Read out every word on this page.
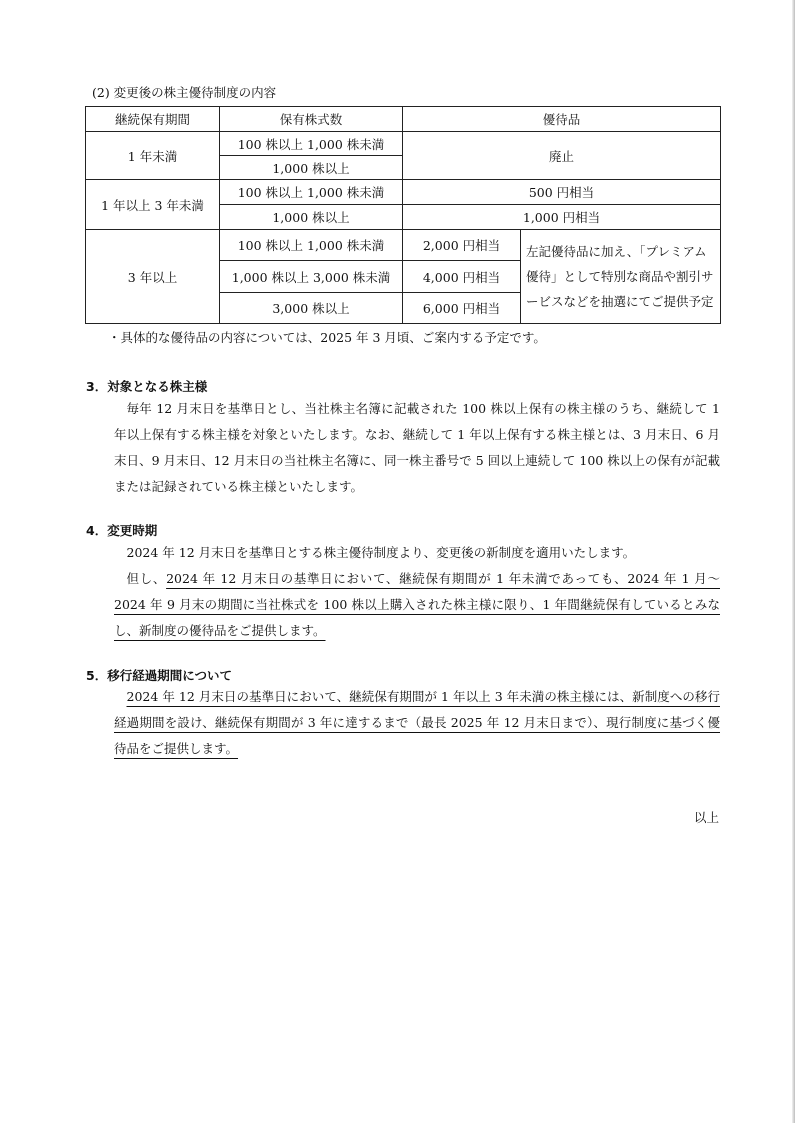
(2) 変更後の株主優待制度の内容
継続保有期間	保有株式数	優待品	
1 年未満	100 株以上 1,000 株未満	廃止	
	1,000 株以上		
1 年以上 3 年未満	100 株以上 1,000 株未満	500 円相当	
	1,000 株以上	1,000 円相当	
3 年以上	100 株以上 1,000 株未満	2,000 円相当	左記優待品に加え、「プレミアム優待」として特別な商品や割引サービスなどを抽選にてご提供予定
	1,000 株以上 3,000 株未満	4,000 円相当	
	3,000 株以上	6,000 円相当	
・具体的な優待品の内容については、2025 年 3 月頃、ご案内する予定です。
3．対象となる株主様
毎年 12 月末日を基準日とし、当社株主名簿に記載された 100 株以上保有の株主様のうち、継続して 1 年以上保有する株主様を対象といたします。なお、継続して 1 年以上保有する株主様とは、3 月末日、6 月末日、9 月末日、12 月末日の当社株主名簿に、同一株主番号で 5 回以上連続して 100 株以上の保有が記載または記録されている株主様といたします。
4．変更時期
2024 年 12 月末日を基準日とする株主優待制度より、変更後の新制度を適用いたします。
但し、2024 年 12 月末日の基準日において、継続保有期間が 1 年未満であっても、2024 年 1 月～2024 年 9 月末の期間に当社株式を 100 株以上購入された株主様に限り、1 年間継続保有しているとみなし、新制度の優待品をご提供します。
5．移行経過期間について
2024 年 12 月末日の基準日において、継続保有期間が 1 年以上 3 年未満の株主様には、新制度への移行経過期間を設け、継続保有期間が 3 年に達するまで（最長 2025 年 12 月末日まで）、現行制度に基づく優待品をご提供します。
以上
